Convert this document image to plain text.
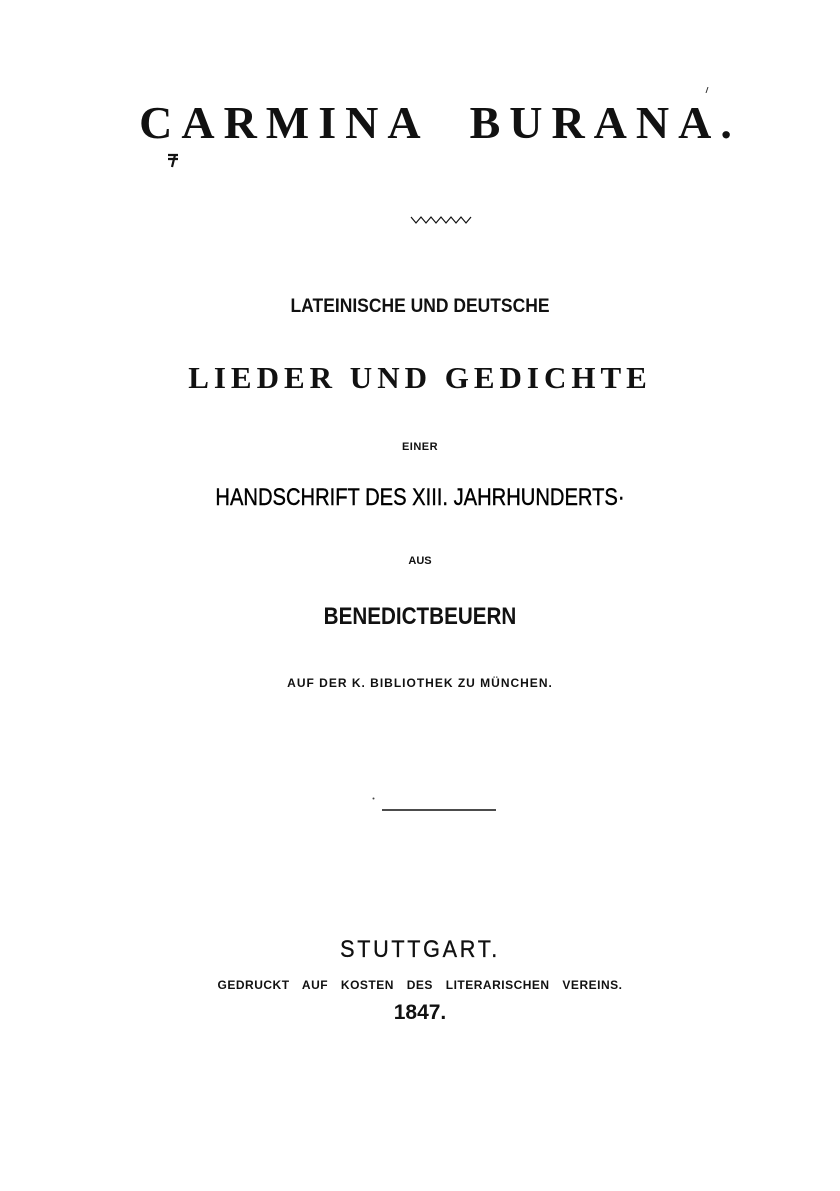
CARMINA BURANA.
LATEINISCHE UND DEUTSCHE
LIEDER UND GEDICHTE
EINER
HANDSCHRIFT DES XIII. JAHRHUNDERTS·
AUS
BENEDICTBEUERN
AUF DER K. BIBLIOTHEK ZU MÜNCHEN.
STUTTGART.
GEDRUCKT AUF KOSTEN DES LITERARISCHEN VEREINS.
1847.
